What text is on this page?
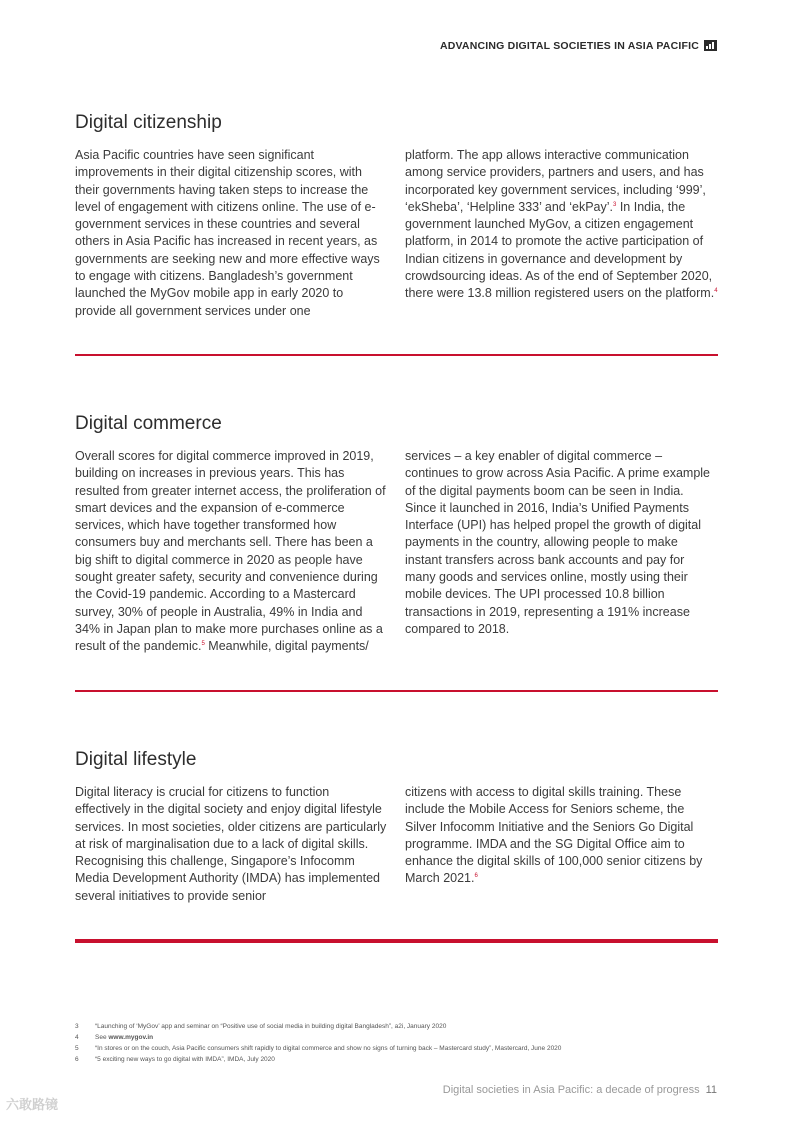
ADVANCING DIGITAL SOCIETIES IN ASIA PACIFIC
Digital citizenship
Asia Pacific countries have seen significant improvements in their digital citizenship scores, with their governments having taken steps to increase the level of engagement with citizens online. The use of e-government services in these countries and several others in Asia Pacific has increased in recent years, as governments are seeking new and more effective ways to engage with citizens. Bangladesh’s government launched the MyGov mobile app in early 2020 to provide all government services under one
platform. The app allows interactive communication among service providers, partners and users, and has incorporated key government services, including ‘999’, ‘ekSheba’, ‘Helpline 333’ and ‘ekPay’.$^3$ In India, the government launched MyGov, a citizen engagement platform, in 2014 to promote the active participation of Indian citizens in governance and development by crowdsourcing ideas. As of the end of September 2020, there were 13.8 million registered users on the platform.$^4$
Digital commerce
Overall scores for digital commerce improved in 2019, building on increases in previous years. This has resulted from greater internet access, the proliferation of smart devices and the expansion of e-commerce services, which have together transformed how consumers buy and merchants sell. There has been a big shift to digital commerce in 2020 as people have sought greater safety, security and convenience during the Covid-19 pandemic. According to a Mastercard survey, 30% of people in Australia, 49% in India and 34% in Japan plan to make more purchases online as a result of the pandemic.$^5$ Meanwhile, digital payments/
services – a key enabler of digital commerce – continues to grow across Asia Pacific. A prime example of the digital payments boom can be seen in India. Since it launched in 2016, India’s Unified Payments Interface (UPI) has helped propel the growth of digital payments in the country, allowing people to make instant transfers across bank accounts and pay for many goods and services online, mostly using their mobile devices. The UPI processed 10.8 billion transactions in 2019, representing a 191% increase compared to 2018.
Digital lifestyle
Digital literacy is crucial for citizens to function effectively in the digital society and enjoy digital lifestyle services. In most societies, older citizens are particularly at risk of marginalisation due to a lack of digital skills. Recognising this challenge, Singapore’s Infocomm Media Development Authority (IMDA) has implemented several initiatives to provide senior
citizens with access to digital skills training. These include the Mobile Access for Seniors scheme, the Silver Infocomm Initiative and the Seniors Go Digital programme. IMDA and the SG Digital Office aim to enhance the digital skills of 100,000 senior citizens by March 2021.$^6$
3	“Launching of ‘MyGov’ app and seminar on “Positive use of social media in building digital Bangladesh”, a2i, January 2020
4	See www.mygov.in
5	“In stores or on the couch, Asia Pacific consumers shift rapidly to digital commerce and show no signs of turning back – Mastercard study”, Mastercard, June 2020
6	“5 exciting new ways to go digital with IMDA”, IMDA, July 2020
Digital societies in Asia Pacific: a decade of progress 11
六敢路镜
